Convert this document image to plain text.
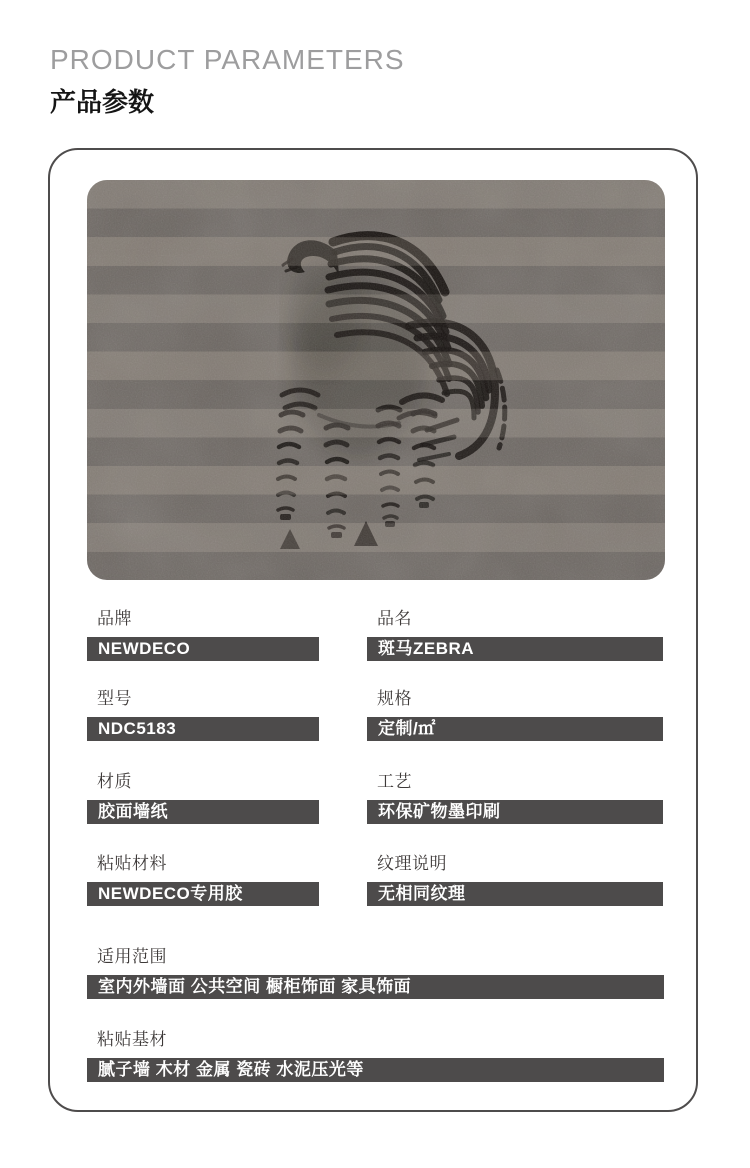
PRODUCT PARAMETERS
产品参数
品牌
NEWDECO
品名
斑马ZEBRA
型号
NDC5183
规格
定制/㎡
材质
胶面墙纸
工艺
环保矿物墨印刷
粘贴材料
NEWDECO专用胶
纹理说明
无相同纹理
适用范围
室内外墙面 公共空间 橱柜饰面 家具饰面
粘贴基材
腻子墙 木材 金属 瓷砖 水泥压光等
